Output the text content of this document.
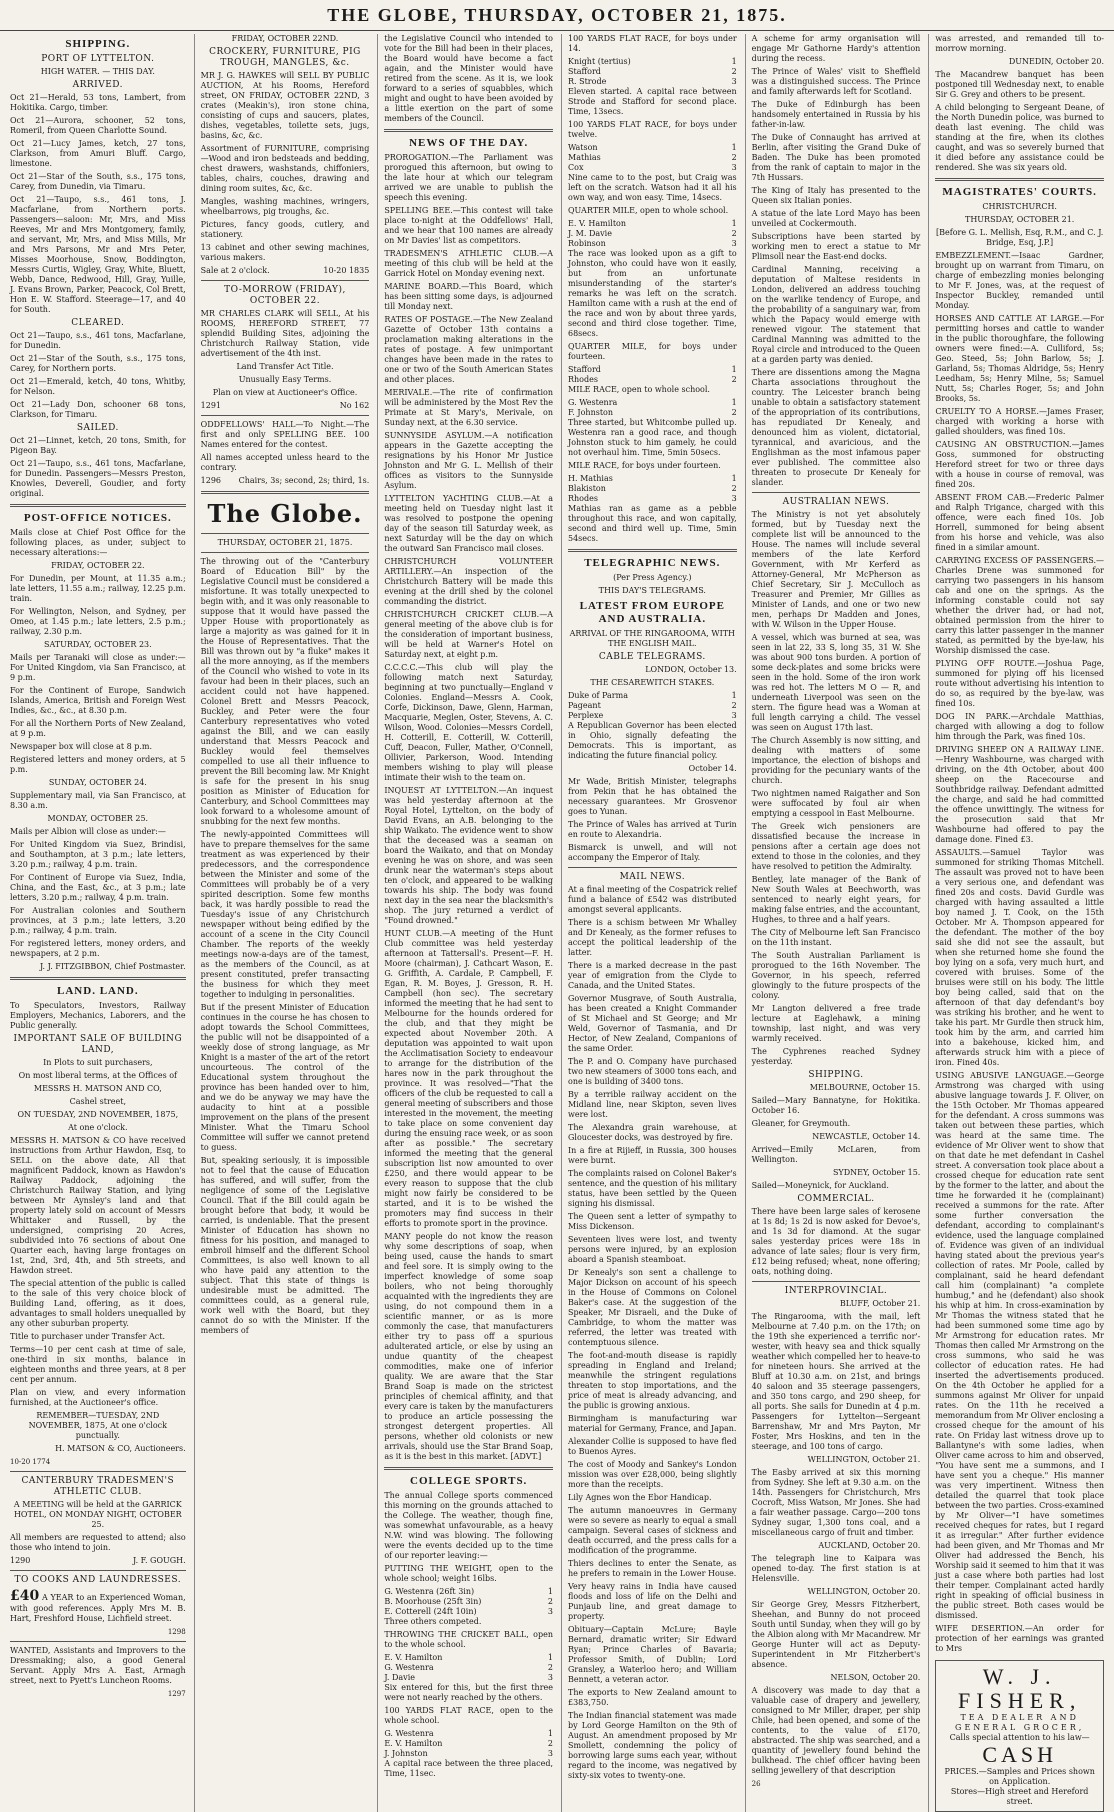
THE GLOBE, THURSDAY, OCTOBER 21, 1875.
SHIPPING.
PORT OF LYTTELTON.

HIGH WATER. — THIS DAY.

ARRIVED.

Oct 21—Herald, 53 tons, Lambert, from Hokitika. Cargo, timber.

Oct 21—Aurora, schooner, 52 tons, Romeril, from Queen Charlotte Sound.

Oct 21—Lucy James, ketch, 27 tons, Clarkson, from Amuri Bluff. Cargo, limestone.

Oct 21—Star of the South, s.s., 175 tons, Carey, from Dunedin, via Timaru.

Oct 21—Taupo, s.s., 461 tons, J. Macfarlane, from Northern ports. Passengers—saloon: Mr, Mrs, and Miss Reeves, Mr and Mrs Montgomery, family, and servant, Mr, Mrs, and Miss Mills, Mr and Mrs Parsons, Mr and Mrs Peter, Misses Moorhouse, Snow, Boddington, Messrs Curtis, Wigley, Gray, White, Bluett, Webb, Dance, Redwood, Hill, Gray, Yuille, J. Evans Brown, Parker, Peacock, Col Brett, Hon E. W. Stafford. Steerage—17, and 40 for South.

CLEARED.

Oct 21—Taupo, s.s., 461 tons, Macfarlane, for Dunedin.

Oct 21—Star of the South, s.s., 175 tons, Carey, for Northern ports.

Oct 21—Emerald, ketch, 40 tons, Whitby, for Nelson.

Oct 21—Lady Don, schooner 68 tons, Clarkson, for Timaru.

SAILED.

Oct 21—Linnet, ketch, 20 tons, Smith, for Pigeon Bay.

Oct 21—Taupo, s.s., 461 tons, Macfarlane, for Dunedin. Passengers—Messrs Preston, Knowles, Deverell, Goudier, and forty original.

POST-OFFICE NOTICES.

Mails close at Chief Post Office for the following places, as under, subject to necessary alterations:—

FRIDAY, OCTOBER 22.

For Dunedin, per Mount, at 11.35 a.m.; late letters, 11.55 a.m.; railway, 12.25 p.m. train.

For Wellington, Nelson, and Sydney, per Omeo, at 1.45 p.m.; late letters, 2.5 p.m.; railway, 2.30 p.m.

SATURDAY, OCTOBER 23.

Mails per Taranaki will close as under:— For United Kingdom, via San Francisco, at 9 p.m.

For the Continent of Europe, Sandwich Islands, America, British and Foreign West Indies, &c., &c., at 8.30 p.m.

For all the Northern Ports of New Zealand, at 9 p.m.

Newspaper box will close at 8 p.m.

Registered letters and money orders, at 5 p.m.

SUNDAY, OCTOBER 24.

Supplementary mail, via San Francisco, at 8.30 a.m.

MONDAY, OCTOBER 25.

Mails per Albion will close as under:—

For United Kingdom via Suez, Brindisi, and Southampton, at 3 p.m.; late letters, 3.20 p.m.; railway, 4 p.m. train.

For Continent of Europe via Suez, India, China, and the East, &c., at 3 p.m.; late letters, 3.20 p.m.; railway, 4 p.m. train.

For Australian colonies and Southern provinces, at 3 p.m.; late letters, 3.20 p.m.; railway, 4 p.m. train.

For registered letters, money orders, and newspapers, at 2 p.m.

J. J. FITZGIBBON, Chief Postmaster.

LAND. LAND.

To Speculators, Investors, Railway Employers, Mechanics, Laborers, and the Public generally.

IMPORTANT SALE OF BUILDING LAND,

In Plots to suit purchasers,

On most liberal terms, at the Offices of

MESSRS H. MATSON AND CO,

Cashel street,

ON TUESDAY, 2ND NOVEMBER, 1875,

At one o'clock.

MESSRS H. MATSON & CO have received instructions from Arthur Hawdon, Esq, to SELL on the above date, All that magnificent Paddock, known as Hawdon's Railway Paddock, adjoining the Christchurch Railway Station, and lying between Mr Aynsley's land and that property lately sold on account of Messrs Whittaker and Russell, by the undersigned, comprising 20 Acres, subdivided into 76 sections of about One Quarter each, having large frontages on 1st, 2nd, 3rd, 4th, and 5th streets, and Hawdon street.

The special attention of the public is called to the sale of this very choice block of Building Land, offering, as it does, advantages to small holders unequalled by any other suburban property.

Title to purchaser under Transfer Act.

Terms—10 per cent cash at time of sale, one-third in six months, balance in eighteen months and three years, at 8 per cent per annum.

Plan on view, and every information furnished, at the Auctioneer's office.

REMEMBER—TUESDAY, 2ND NOVEMBER, 1875, At one o'clock punctually.

H. MATSON & CO, Auctioneers.

10-20 1774

CANTERBURY TRADESMEN'S ATHLETIC CLUB.

A MEETING will be held at the GARRICK HOTEL, ON MONDAY NIGHT, OCTOBER 25.

All members are requested to attend; also those who intend to join.

1290	J. F. GOUGH.
TO COOKS AND LAUNDRESSES.

£40 A YEAR to an Experienced Woman, with good references. Apply Mrs M. B. Hart, Freshford House, Lichfield street.

1298

WANTED, Assistants and Improvers to the Dressmaking; also, a good General Servant. Apply Mrs A. East, Armagh street, next to Pyett's Luncheon Rooms.

1297

FRIDAY, OCTOBER 22ND.

CROCKERY, FURNITURE, PIG TROUGH, MANGLES, &c.

MR J. G. HAWKES will SELL BY PUBLIC AUCTION, At his Rooms, Hereford street, ON FRIDAY, OCTOBER 22ND, 3 crates (Meakin's), iron stone china, consisting of cups and saucers, plates, dishes, vegetables, toilette sets, jugs, basins, &c, &c.

Assortment of FURNITURE, comprising—Wood and iron bedsteads and bedding, chest drawers, washstands, chiffoniers, tables, chairs, couches, drawing and dining room suites, &c, &c.

Mangles, washing machines, wringers, wheelbarrows, pig troughs, &c.

Pictures, fancy goods, cutlery, and stationery.

13 cabinet and other sewing machines, various makers.

Sale at 2 o'clock.	10-20 1835
TO-MORROW (FRIDAY), OCTOBER 22.

MR CHARLES CLARK will SELL, At his ROOMS, HEREFORD STREET, 77 splendid Building Sites, adjoining the Christchurch Railway Station, vide advertisement of the 4th inst.

Land Transfer Act Title.

Unusually Easy Terms.

Plan on view at Auctioneer's Office.

1291	No 162

ODDFELLOWS' HALL—To Night.—The first and only SPELLING BEE. 100 Names entered for the contest.

All names accepted unless heard to the contrary.

1296 Chairs, 3s; second, 2s; third, 1s.
The Globe.

THURSDAY, OCTOBER 21, 1875.

The throwing out of the "Canterbury Board of Education Bill" by the Legislative Council must be considered a misfortune. It was totally unexpected to begin with, and it was only reasonable to suppose that it would have passed the Upper House with proportionately as large a majority as was gained for it in the House of Representatives. That the Bill was thrown out by "a fluke" makes it all the more annoying, as if the members of the Council who wished to vote in its favour had been in their places, such an accident could not have happened. Colonel Brett and Messrs Peacock, Buckley, and Peter were the four Canterbury representatives who voted against the Bill, and we can easily understand that Messrs Peacock and Buckley would feel themselves compelled to use all their influence to prevent the Bill becoming law. Mr Knight is safe for the present in his snug position as Minister of Education for Canterbury, and School Committees may look forward to a wholesome amount of snubbing for the next few months.

The newly-appointed Committees will have to prepare themselves for the same treatment as was experienced by their predecessors, and the correspondence between the Minister and some of the Committees will probably be of a very spirited description. Some few months back, it was hardly possible to read the Tuesday's issue of any Christchurch newspaper without being edified by the account of a scene in the City Council Chamber. The reports of the weekly meetings now-a-days are of the tamest, as the members of the Council, as at present constituted, prefer transacting the business for which they meet together to indulging in personalities.

But if the present Minister of Education continues in the course he has chosen to adopt towards the School Committees, the public will not be disappointed of a weekly dose of strong language, as Mr Knight is a master of the art of the retort uncourteous. The control of the Educational system throughout the province has been handed over to him, and we do be anyway we may have the audacity to hint at a possible improvement on the plans of the present Minister. What the Timaru School Committee will suffer we cannot pretend to guess.

But, speaking seriously, it is impossible not to feel that the cause of Education has suffered, and will suffer, from the negligence of some of the Legislative Council. That if the Bill could again be brought before that body, it would be carried, is undeniable. That the present Minister of Education has shown no fitness for his position, and managed to embroil himself and the different School Committees, is also well known to all who have paid any attention to the subject. That this state of things is undesirable must be admitted. The committees could, as a general rule, work well with the Board, but they cannot do so with the Minister. If the members of

the Legislative Council who intended to vote for the Bill had been in their places, the Board would have become a fact again, and the Minister would have retired from the scene. As it is, we look forward to a series of squabbles, which might and ought to have been avoided by a little exertion on the part of some members of the Council.

NEWS OF THE DAY.

PROROGATION.—The Parliament was prorogued this afternoon, but owing to the late hour at which our telegram arrived we are unable to publish the speech this evening.

SPELLING BEE.—This contest will take place to-night at the Oddfellows' Hall, and we hear that 100 names are already on Mr Davies' list as competitors.

TRADESMEN'S ATHLETIC CLUB.—A meeting of this club will be held at the Garrick Hotel on Monday evening next.

MARINE BOARD.—This Board, which has been sitting some days, is adjourned till Monday next.

RATES OF POSTAGE.—The New Zealand Gazette of October 13th contains a proclamation making alterations in the rates of postage. A few unimportant changes have been made in the rates to one or two of the South American States and other places.

MERIVALE.—The rite of confirmation will be administered by the Most Rev the Primate at St Mary's, Merivale, on Sunday next, at the 6.30 service.

SUNNYSIDE ASYLUM.—A notification appears in the Gazette accepting the resignations by his Honor Mr Justice Johnston and Mr G. L. Mellish of their offices as visitors to the Sunnyside Asylum.

LYTTELTON YACHTING CLUB.—At a meeting held on Tuesday night last it was resolved to postpone the opening day of the season till Saturday week, as next Saturday will be the day on which the outward San Francisco mail closes.

CHRISTCHURCH VOLUNTEER ARTILLERY.—An inspection of the Christchurch Battery will be made this evening at the drill shed by the colonel commanding the district.

CHRISTCHURCH CRICKET CLUB.—A general meeting of the above club is for the consideration of important business, will be held at Warner's Hotel on Saturday next, at eight p.m.

C.C.C.C.—This club will play the following match next Saturday, beginning at two punctually—England v Colonies. England—Messrs A. Cook, Corfe, Dickinson, Dawe, Glenn, Harman, Macquarie, Meglen, Oster, Stevens, A. C. Wilson, Wood. Colonies—Messrs Cordell, H. Cotterill, E. Cotterill, W. Cotterill, Cuff, Deacon, Fuller, Mather, O'Connell, Ollivier, Parkerson, Wood. Intending members wishing to play will please intimate their wish to the team on.

INQUEST AT LYTTELTON.—An inquest was held yesterday afternoon at the Royal Hotel, Lyttelton, on the body of David Evans, an A.B. belonging to the ship Waikato. The evidence went to show that the deceased was a seaman on board the Waikato, and that on Monday evening he was on shore, and was seen drunk near the waterman's steps about ten o'clock, and appeared to be walking towards his ship. The body was found next day in the sea near the blacksmith's shop. The jury returned a verdict of "Found drowned."

HUNT CLUB.—A meeting of the Hunt Club committee was held yesterday afternoon at Tattersall's. Present—F. H. Moore (chairman), J. Cathcart Wason, E. G. Griffith, A. Cardale, P. Campbell, F. Egan, R. M. Boyes, J. Gresson, R. H. Campbell (hon sec). The secretary informed the meeting that he had sent to Melbourne for the hounds ordered for the club, and that they might be expected about November 20th. A deputation was appointed to wait upon the Acclimatisation Society to endeavour to arrange for the distribution of the hares now in the park throughout the province. It was resolved—"That the officers of the club be requested to call a general meeting of subscribers and those interested in the movement, the meeting to take place on some convenient day during the ensuing race week, or as soon after as possible." The secretary informed the meeting that the general subscription list now amounted to over £250, and there would appear to be every reason to suppose that the club might now fairly be considered to be started, and it is to be wished the promoters may find success in their efforts to promote sport in the province.

MANY people do not know the reason why some descriptions of soap, when being used, cause the hands to smart and feel sore. It is simply owing to the imperfect knowledge of some soap boilers, who not being thoroughly acquainted with the ingredients they are using, do not compound them in a scientific manner, or as is more commonly the case, that manufacturers either try to pass off a spurious adulterated article, or else by using an undue quantity of the cheapest commodities, make one of inferior quality. We are aware that the Star Brand Soap is made on the strictest principles of chemical affinity, and that every care is taken by the manufacturers to produce an article possessing the strongest detergent properties. All persons, whether old colonists or new arrivals, should use the Star Brand Soap, as it is the best in this market. [ADVT.]

COLLEGE SPORTS.

The annual College sports commenced this morning on the grounds attached to the College. The weather, though fine, was somewhat unfavourable, as a heavy N.W. wind was blowing. The following were the events decided up to the time of our reporter leaving:—

PUTTING THE WEIGHT, open to the whole school; weight 16lbs.

G. Westenra (26ft 3in)	1
B. Moorhouse (25ft 3in)	2
E. Cotterell (24ft 10in)	3

Three others competed.

THROWING THE CRICKET BALL, open to the whole school.

E. V. Hamilton	1
G. Westenra	2
J. Davie	3

Six entered for this, but the first three were not nearly reached by the others.

100 YARDS FLAT RACE, open to the whole school.

G. Westenra	1
E. V. Hamilton	2
J. Johnston	3

A capital race between the three placed, Time, 11sec.

100 YARDS FLAT RACE, for boys under 14.

Knight (tertius)	1
Stafford	2
R. Strode	3

Eleven started. A capital race between Strode and Stafford for second place. Time, 13secs.

100 YARDS FLAT RACE, for boys under twelve.

Watson	1
Mathias	2
Cox	3

Nine came to to the post, but Craig was left on the scratch. Watson had it all his own way, and won easy. Time, 14secs.

QUARTER MILE, open to whole school.

E. V. Hamilton	1
J. M. Davie	2
Robinson	3

The race was looked upon as a gift to Johnston, who could have won it easily, but from an unfortunate misunderstanding of the starter's remarks he was left on the scratch. Hamilton came with a rush at the end of the race and won by about three yards, second and third close together. Time, 68secs.

QUARTER MILE, for boys under fourteen.

Stafford	1
Rhodes	2

MILE RACE, open to whole school.

G. Westenra	1
F. Johnston	2

Three started, but Whitcombe pulled up. Westenra ran a good race, and though Johnston stuck to him gamely, he could not overhaul him. Time, 5min 50secs.

MILE RACE, for boys under fourteen.

H. Mathias	1
Blakiston	2
Rhodes	3

Mathias ran as game as a pebble throughout this race, and won capitally, second and third well up. Time, 5min 54secs.

TELEGRAPHIC NEWS.

(Per Press Agency.)

THIS DAY'S TELEGRAMS.

LATEST FROM EUROPE AND AUSTRALIA.

ARRIVAL OF THE RINGAROOMA, WITH THE ENGLISH MAIL.

CABLE TELEGRAMS.

LONDON, October 13.

THE CESAREWITCH STAKES.

Duke of Parma	1
Pageant	2
Perplexe	3

A Republican Governor has been elected in Ohio, signally defeating the Democrats. This is important, as indicating the future financial policy.

October 14.

Mr Wade, British Minister, telegraphs from Pekin that he has obtained the necessary guarantees. Mr Grosvenor goes to Yunan.

The Prince of Wales has arrived at Turin en route to Alexandria.

Bismarck is unwell, and will not accompany the Emperor of Italy.

MAIL NEWS.

At a final meeting of the Cospatrick relief fund a balance of £542 was distributed amongst several applicants.

There is a schism between Mr Whalley and Dr Kenealy, as the former refuses to accept the political leadership of the latter.

There is a marked decrease in the past year of emigration from the Clyde to Canada, and the United States.

Governor Musgrave, of South Australia, has been created a Knight Commander of St Michael and St George; and Mr Weld, Governor of Tasmania, and Dr Hector, of New Zealand, Companions of the same Order.

The P. and O. Company have purchased two new steamers of 3000 tons each, and one is building of 3400 tons.

By a terrible railway accident on the Midland line, near Skipton, seven lives were lost.

The Alexandra grain warehouse, at Gloucester docks, was destroyed by fire.

In a fire at Rijieff, in Russia, 300 houses were burnt.

The complaints raised on Colonel Baker's sentence, and the question of his military status, have been settled by the Queen signing his dismissal.

The Queen sent a letter of sympathy to Miss Dickenson.

Seventeen lives were lost, and twenty persons were injured, by an explosion aboard a Spanish steamboat.

Dr Kenealy's son sent a challenge to Major Dickson on account of his speech in the House of Commons on Colonel Baker's case. At the suggestion of the Speaker, Mr Disraeli, and the Duke of Cambridge, to whom the matter was referred, the letter was treated with contemptuous silence.

The foot-and-mouth disease is rapidly spreading in England and Ireland; meanwhile the stringent regulations threaten to stop importations, and the price of meat is already advancing, and the public is growing anxious.

Birmingham is manufacturing war material for Germany, France, and Japan.

Alexander Collie is supposed to have fled to Buenos Ayres.

The cost of Moody and Sankey's London mission was over £28,000, being slightly more than the receipts.

Lily Agnes won the Ebor Handicap.

The autumn manoeuvres in Germany were so severe as nearly to equal a small campaign. Several cases of sickness and death occurred, and the press calls for a modification of the programme.

Thiers declines to enter the Senate, as he prefers to remain in the Lower House.

Very heavy rains in India have caused floods and loss of life on the Delhi and Punjaub line, and great damage to property.

Obituary—Captain McLure; Bayle Bernard, dramatic writer; Sir Edward Ryan; Prince Charles of Bavaria; Professor Smith, of Dublin; Lord Gransley, a Waterloo hero; and William Bennett, a veteran actor.

The exports to New Zealand amount to £383,750.

The Indian financial statement was made by Lord George Hamilton on the 9th of August. An amendment proposed by Mr Smollett, condemning the policy of borrowing large sums each year, without regard to the income, was negatived by sixty-six votes to twenty-one.

A scheme for army organisation will engage Mr Gathorne Hardy's attention during the recess.

The Prince of Wales' visit to Sheffield was a distinguished success. The Prince and family afterwards left for Scotland.

The Duke of Edinburgh has been handsomely entertained in Russia by his father-in-law.

The Duke of Connaught has arrived at Berlin, after visiting the Grand Duke of Baden. The Duke has been promoted from the rank of captain to major in the 7th Hussars.

The King of Italy has presented to the Queen six Italian ponies.

A statue of the late Lord Mayo has been unveiled at Cockermouth.

Subscriptions have been started by working men to erect a statue to Mr Plimsoll near the East-end docks.

Cardinal Manning, receiving a deputation of Maltese residents in London, delivered an address touching on the warlike tendency of Europe, and the probability of a sanguinary war, from which the Papacy would emerge with renewed vigour. The statement that Cardinal Manning was admitted to the Royal circle and introduced to the Queen at a garden party was denied.

There are dissentions among the Magna Charta associations throughout the country. The Leicester branch being unable to obtain a satisfactory statement of the appropriation of its contributions, has repudiated Dr Kenealy, and denounced him as violent, dictatorial, tyrannical, and avaricious, and the Englishman as the most infamous paper ever published. The committee also threaten to prosecute Dr Kenealy for slander.

AUSTRALIAN NEWS.

The Ministry is not yet absolutely formed, but by Tuesday next the complete list will be announced to the House. The names will include several members of the late Kerford Government, with Mr Kerferd as Attorney-General, Mr McPherson as Chief Secretary, Sir J. McCulloch as Treasurer and Premier, Mr Gillies as Minister of Lands, and one or two new men, perhaps Dr Madden and Jones, with W. Wilson in the Upper House.

A vessel, which was burned at sea, was seen in lat 22, 33 S, long 35, 31 W. She was about 900 tons burden. A portion of some deck-plates and some bricks were seen in the hold. Some of the iron work was red hot. The letters M O — R, and underneath Liverpool was seen on the stern. The figure head was a Woman at full length carrying a child. The vessel was seen on August 17th last.

The Church Assembly is now sitting, and dealing with matters of some importance, the election of bishops and providing for the pecuniary wants of the church.

Two nightmen named Raigather and Son were suffocated by foul air when emptying a cesspool in East Melbourne.

The Greek wich pensioners are dissatisfied because the increase in pensions after a certain age does not extend to those in the colonies, and they have resolved to petition the Admiralty.

Bentley, late manager of the Bank of New South Wales at Beechworth, was sentenced to nearly eight years, for making false entries, and the accountant, Hughes, to three and a half years.

The City of Melbourne left San Francisco on the 11th instant.

The South Australian Parliament is prorogued to the 16th November. The Governor, in his speech, referred glowingly to the future prospects of the colony.

Mr Langton delivered a free trade lecture at Eaglehawk, a mining township, last night, and was very warmly received.

The Cyphrenes reached Sydney yesterday.

SHIPPING.

MELBOURNE, October 15.

Sailed—Mary Bannatyne, for Hokitika. October 16.

Gleaner, for Greymouth.

NEWCASTLE, October 14.

Arrived—Emily McLaren, from Wellington.

SYDNEY, October 15.

Sailed—Moneynick, for Auckland.

COMMERCIAL.

There have been large sales of kerosene at 1s 8d; 1s 2d is now asked for Devoe's, and 1s 3d for diamond. At the sugar sales yesterday prices were 18s in advance of late sales; flour is very firm, £12 being refused; wheat, none offering; oats, nothing doing.

INTERPROVINCIAL.

BLUFF, October 21.

The Ringarooma, with the mail, left Melbourne at 7.40 p.m. on the 17th; on the 19th she experienced a terrific nor'-wester, with heavy sea and thick squally weather which compelled her to heave-to for nineteen hours. She arrived at the Bluff at 10.30 a.m. on 21st, and brings 40 saloon and 35 steerage passengers, and 350 tons cargo, and 290 sheep, for all ports. She sails for Dunedin at 4 p.m. Passengers for Lyttelton—Sergeant Barrenshaw, Mr and Mrs Payton, Mr Foster, Mrs Hoskins, and ten in the steerage, and 100 tons of cargo.

WELLINGTON, October 21.

The Easby arrived at six this morning from Sydney. She left at 9.30 a.m. on the 14th. Passengers for Christchurch, Mrs Cocroft, Miss Watson, Mr Jones. She had a fair weather passage. Cargo—200 tons Sydney sugar, 1,300 tons coal, and a miscellaneous cargo of fruit and timber.

AUCKLAND, October 20.

The telegraph line to Kaipara was opened to-day. The first station is at Helensville.

WELLINGTON, October 20.

Sir George Grey, Messrs Fitzherbert, Sheehan, and Bunny do not proceed South until Sunday, when they will go by the Albion along with Mr Macandrew. Mr George Hunter will act as Deputy-Superintendent in Mr Fitzherbert's absence.

NELSON, October 20.

A discovery was made to day that a valuable case of drapery and jewellery, consigned to Mr Miller, draper, per ship Chile, had been opened, and some of the contents, to the value of £170, abstracted. The ship was searched, and a quantity of jewellery found behind the bulkhead. The chief officer having been selling jewellery of that description

26

was arrested, and remanded till to-morrow morning.

DUNEDIN, October 20.

The Macandrew banquet has been postponed till Wednesday next, to enable Sir G. Grey and others to be present.

A child belonging to Sergeant Deane, of the North Dunedin police, was burned to death last evening. The child was standing at the fire, when its clothes caught, and was so severely burned that it died before any assistance could be rendered. She was six years old.

MAGISTRATES' COURTS.

CHRISTCHURCH.

THURSDAY, OCTOBER 21.

[Before G. L. Mellish, Esq, R.M., and C. J. Bridge, Esq, J.P.]

EMBEZZLEMENT.—Isaac Gardner, brought up on warrant from Timaru, on charge of embezzling monies belonging to Mr F. Jones, was, at the request of Inspector Buckley, remanded until Monday.

HORSES AND CATTLE AT LARGE.—For permitting horses and cattle to wander in the public thoroughfare, the following owners were fined:—A. Culliford, 5s; Geo. Steed, 5s; John Barlow, 5s; J. Garland, 5s; Thomas Aldridge, 5s; Henry Leedham, 5s; Henry Milne, 5s; Samuel Nutt, 5s; Charles Roger, 5s; and John Brooks, 5s.

CRUELTY TO A HORSE.—James Fraser, charged with working a horse with galled shoulders, was fined 10s.

CAUSING AN OBSTRUCTION.—James Goss, summoned for obstructing Hereford street for two or three days with a house in course of removal, was fined 20s.

ABSENT FROM CAB.—Frederic Palmer and Ralph Trigance, charged with this offence, were each fined 10s. Job Horrell, summoned for being absent from his horse and vehicle, was also fined in a similar amount.

CARRYING EXCESS OF PASSENGERS.—Charles Drene was summoned for carrying two passengers in his hansom cab and one on the springs. As the informing constable could not say whether the driver had, or had not, obtained permission from the hirer to carry this latter passenger in the manner stated, as permitted by the bye-law, his Worship dismissed the case.

PLYING OFF ROUTE.—Joshua Page, summoned for plying off his licensed route without advertising his intention to do so, as required by the bye-law, was fined 10s.

DOG IN PARK.—Archdale Matthias, charged with allowing a dog to follow him through the Park, was fined 10s.

DRIVING SHEEP ON A RAILWAY LINE.—Henry Washbourne, was charged with driving, on the 4th October, about 400 sheep on the Racecourse and Southbridge railway. Defendant admitted the charge, and said he had committed the offence unwittingly. The witness for the prosecution said that Mr Washbourne had offered to pay the damage done. Fined £3.

ASSAULTS.—Samuel Taylor was summoned for striking Thomas Mitchell. The assault was proved not to have been a very serious one, and defendant was fined 20s and costs. David Gurdle was charged with having assaulted a little boy named J. T. Cook, on the 15th October. Mr A. Thompson appeared for the defendant. The mother of the boy said she did not see the assault, but when she returned home she found the boy lying on a sofa, very much hurt, and covered with bruises. Some of the bruises were still on his body. The little boy being called, said that on the afternoon of that day defendant's boy was striking his brother, and he went to take his part. Mr Gurdle then struck him, took him by the arm, and carried him into a bakehouse, kicked him, and afterwards struck him with a piece of iron. Fined 40s.

USING ABUSIVE LANGUAGE.—George Armstrong was charged with using abusive language towards J. F. Oliver, on the 15th October. Mr Thomas appeared for the defendant. A cross summons was taken out between these parties, which was heard at the same time. The evidence of Mr Oliver went to show that on that date he met defendant in Cashel street. A conversation took place about a crossed cheque for education rate sent by the former to the latter, and about the time he forwarded it he (complainant) received a summons for the rate. After some further conversation the defendant, according to complainant's evidence, used the language complained of. Evidence was given of an individual having stated about the previous year's collection of rates. Mr Poole, called by complainant, said he heard defendant call him (complainant) "a complete humbug," and he (defendant) also shook his whip at him. In cross-examination by Mr Thomas the witness stated that he had been summoned some time ago by Mr Armstrong for education rates. Mr Thomas then called Mr Armstrong on the cross summons, who said he was collector of education rates. He had inserted the advertisements produced. On the 4th October he applied for a summons against Mr Oliver for unpaid rates. On the 11th he received a memorandum from Mr Oliver enclosing a crossed cheque for the amount of his rate. On Friday last witness drove up to Ballantyne's with some ladies, when Oliver came across to him and observed, "You have sent me a summons, and I have sent you a cheque." His manner was very impertinent. Witness then detailed the quarrel that took place between the two parties. Cross-examined by Mr Oliver—"I have sometimes received cheques for rates, but I regard it as irregular." After further evidence had been given, and Mr Thomas and Mr Oliver had addressed the Bench, his Worship said it seemed to him that it was just a case where both parties had lost their temper. Complainant acted hardly right in speaking of official business in the public street. Both cases would be dismissed.

WIFE DESERTION.—An order for protection of her earnings was granted to Mrs

W. J. FISHER,
TEA DEALER AND GENERAL GROCER,
Calls special attention to his law—
CASH
PRICES.—Samples and Prices shown on Application.
Stores—High street and Hereford street.
